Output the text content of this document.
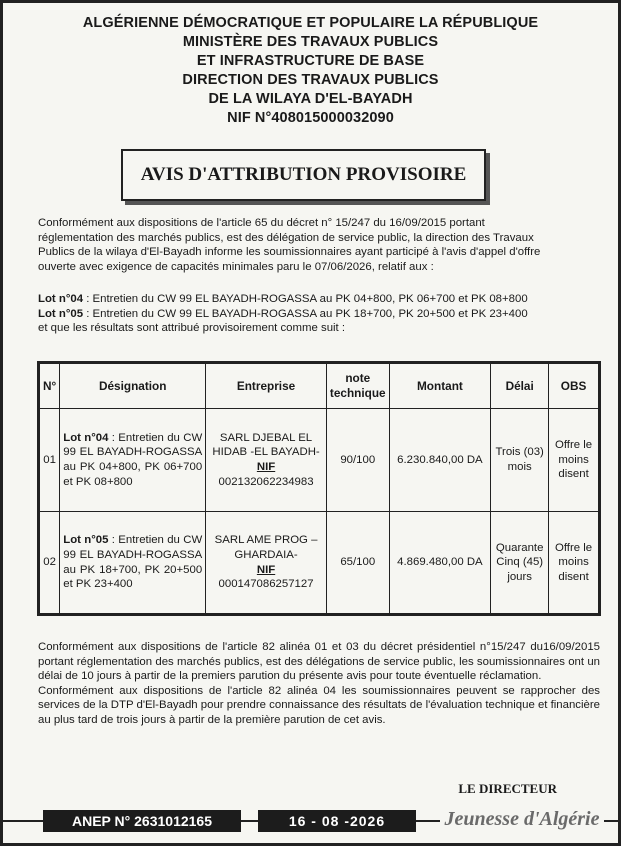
ALGÉRIENNE DÉMOCRATIQUE ET POPULAIRE LA RÉPUBLIQUE
MINISTÈRE DES TRAVAUX PUBLICS
ET INFRASTRUCTURE DE BASE
DIRECTION DES TRAVAUX PUBLICS
DE LA WILAYA D'EL-BAYADH
NIF N°408015000032090
AVIS D'ATTRIBUTION PROVISOIRE

Conformément aux dispositions de l'article 65 du décret n° 15/247 du 16/09/2015 portant

réglementation des marchés publics, est des délégation de service public, la direction des Travaux

Publics de la wilaya d'El-Bayadh informe les soumissionnaires ayant participé à l'avis d'appel d'offre

ouverte avec exigence de capacités minimales paru le 07/06/2026, relatif aux :

Lot n°04 : Entretien du CW 99 EL BAYADH-ROGASSA au PK 04+800, PK 06+700 et PK 08+800
Lot n°05 : Entretien du CW 99 EL BAYADH-ROGASSA au PK 18+700, PK 20+500 et PK 23+400
et que les résultats sont attribué provisoirement comme suit :
N°	Désignation	Entreprise	note technique	Montant	Délai	OBS
01	Lot n°04 : Entretien du CW 99 EL BAYADH-ROGASSA au PK 04+800, PK 06+700 et PK 08+800	SARL DJEBAL EL HIDAB -EL BAYADH-
NIF
002132062234983	90/100	6.230.840,00 DA	Trois (03) mois	Offre le moins disent
02	Lot n°05 : Entretien du CW 99 EL BAYADH-ROGASSA au PK 18+700, PK 20+500 et PK 23+400	SARL AME PROG –GHARDAIA-
NIF
000147086257127	65/100	4.869.480,00 DA	Quarante Cinq (45) jours	Offre le moins disent

Conformément aux dispositions de l'article 82 alinéa 01 et 03 du décret présidentiel n°15/247 du16/09/2015 portant réglementation des marchés publics, est des délégations de service public, les soumissionnaires ont un délai de 10 jours à partir de la premiers parution du présente avis pour toute éventuelle réclamation.

Conformément aux dispositions de l'article 82 alinéa 04 les soumissionnaires peuvent se rapprocher des services de la DTP d'El-Bayadh pour prendre connaissance des résultats de l'évaluation technique et financière au plus tard de trois jours à partir de la première parution de cet avis.

LE DIRECTEUR
ANEP N° 2631012165	16 - 08 -2026	Jeunesse d'Algérie
